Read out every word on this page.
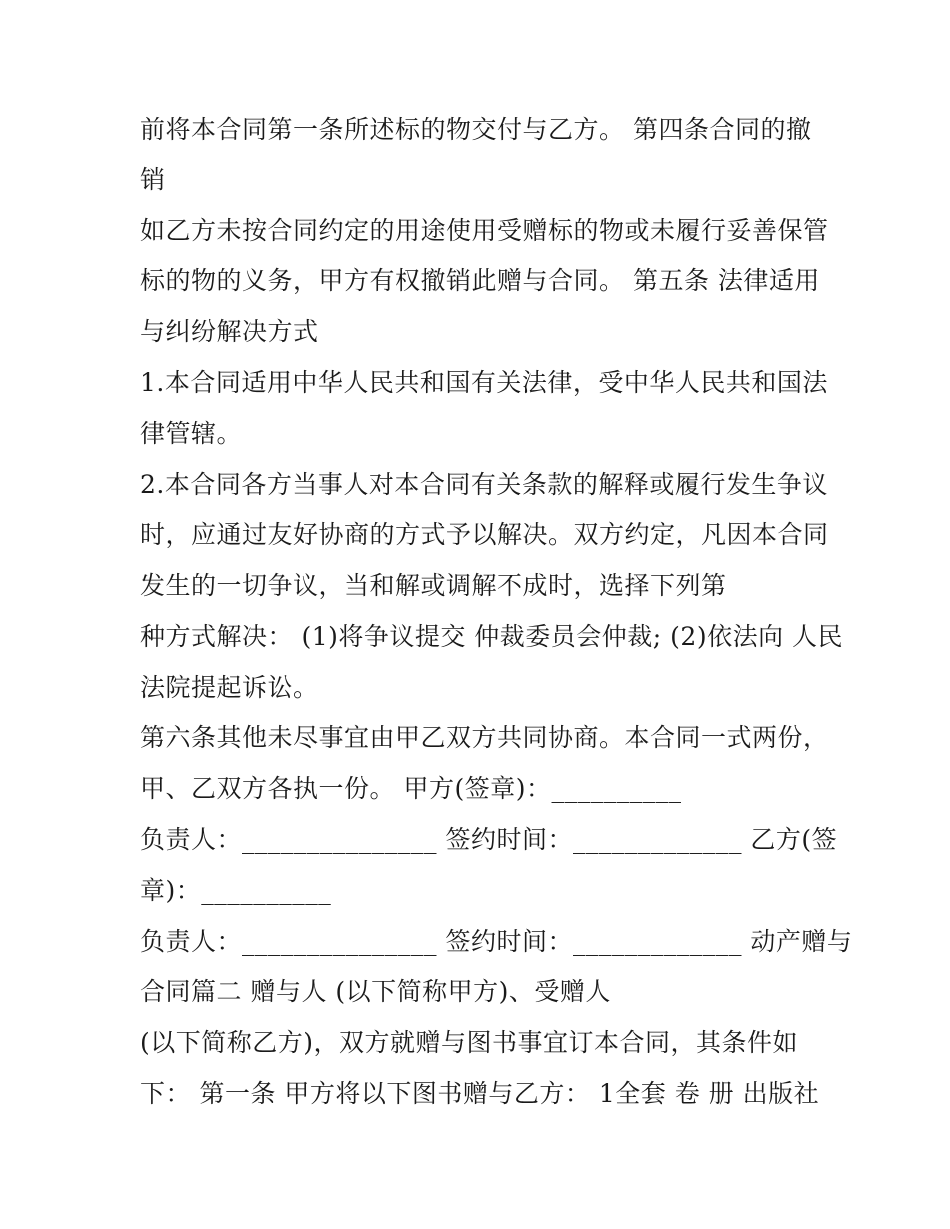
前将本合同第一条所述标的物交付与乙方。 第四条合同的撤

销

如乙方未按合同约定的用途使用受赠标的物或未履行妥善保管

标的物的义务，甲方有权撤销此赠与合同。 第五条 法律适用

与纠纷解决方式

1.本合同适用中华人民共和国有关法律，受中华人民共和国法

律管辖。

2.本合同各方当事人对本合同有关条款的解释或履行发生争议

时，应通过友好协商的方式予以解决。双方约定，凡因本合同

发生的一切争议，当和解或调解不成时，选择下列第

种方式解决： (1)将争议提交 仲裁委员会仲裁; (2)依法向 人民

法院提起诉讼。

第六条其他未尽事宜由甲乙双方共同协商。本合同一式两份，

甲、乙双方各执一份。 甲方(签章)：__________

负责人：_______________ 签约时间：_____________ 乙方(签

章)：__________

负责人：_______________ 签约时间：_____________ 动产赠与

合同篇二 赠与人 (以下简称甲方)、受赠人

(以下简称乙方)，双方就赠与图书事宜订本合同，其条件如

下： 第一条 甲方将以下图书赠与乙方： 1全套 卷 册 出版社
